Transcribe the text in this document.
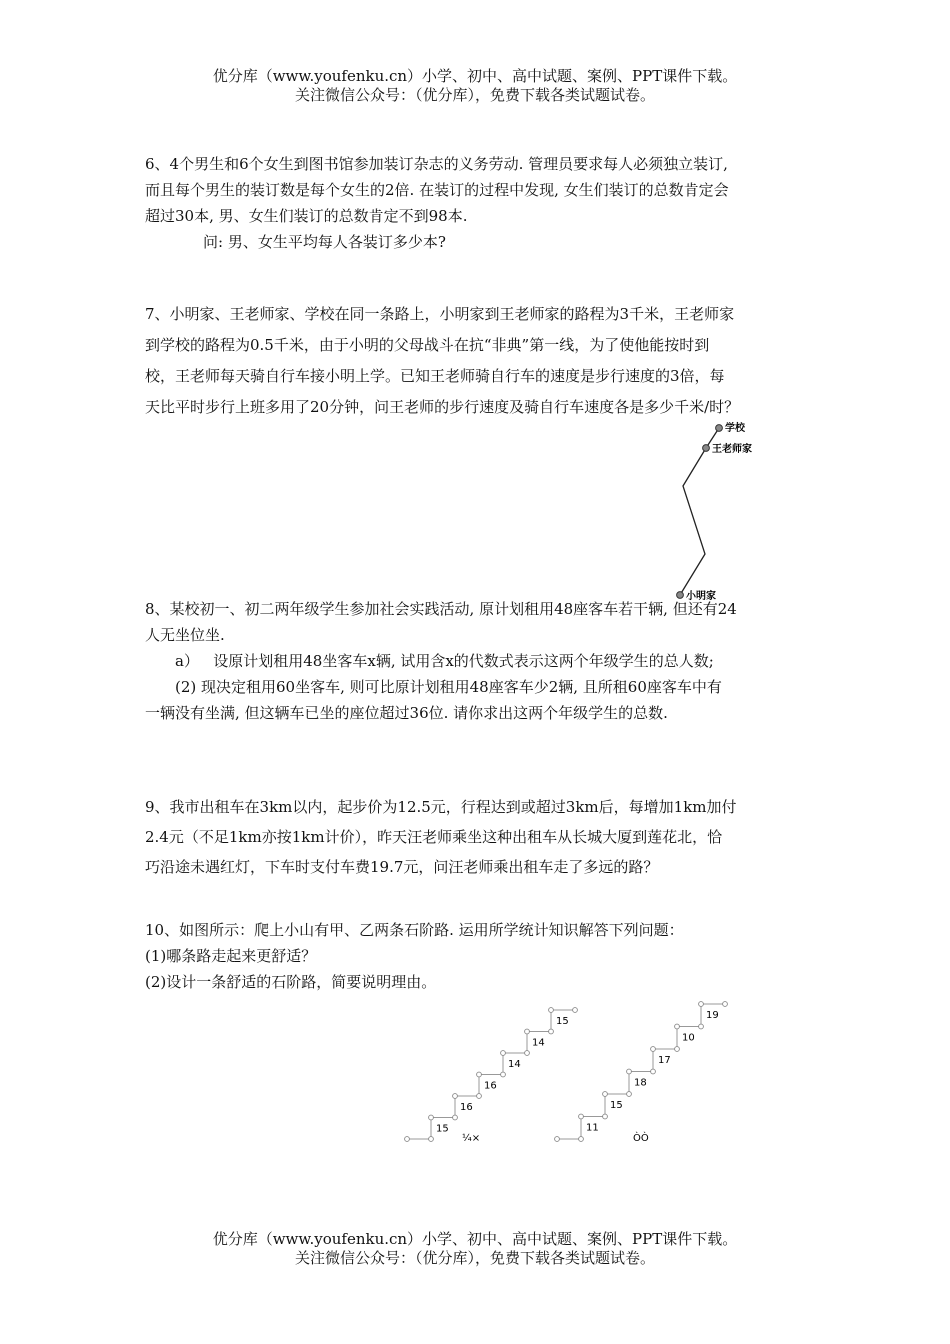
优分库（www.youfenku.cn）小学、初中、高中试题、案例、PPT课件下载。
关注微信公众号：（优分库），免费下载各类试题试卷。
6、4个男生和6个女生到图书馆参加装订杂志的义务劳动. 管理员要求每人必须独立装订,
而且每个男生的装订数是每个女生的2倍. 在装订的过程中发现, 女生们装订的总数肯定会
超过30本, 男、女生们装订的总数肯定不到98本.
问: 男、女生平均每人各装订多少本?
7、小明家、王老师家、学校在同一条路上，小明家到王老师家的路程为3千米，王老师家
到学校的路程为0.5千米，由于小明的父母战斗在抗“非典”第一线，为了使他能按时到
校，王老师每天骑自行车接小明上学。已知王老师骑自行车的速度是步行速度的3倍，每
天比平时步行上班多用了20分钟，问王老师的步行速度及骑自行车速度各是多少千米/时？
学校
王老师家
小明家
8、某校初一、初二两年级学生参加社会实践活动, 原计划租用48座客车若干辆, 但还有24
人无坐位坐.
a） 设原计划租用48坐客车x辆, 试用含x的代数式表示这两个年级学生的总人数;
(2) 现决定租用60坐客车, 则可比原计划租用48座客车少2辆, 且所租60座客车中有
一辆没有坐满, 但这辆车已坐的座位超过36位. 请你求出这两个年级学生的总数.
9、我市出租车在3km以内，起步价为12.5元，行程达到或超过3km后，每增加1km加付
2.4元（不足1km亦按1km计价），昨天汪老师乘坐这种出租车从长城大厦到莲花北，恰
巧沿途未遇红灯，下车时支付车费19.7元，问汪老师乘出租车走了多远的路？
10、如图所示：爬上小山有甲、乙两条石阶路. 运用所学统计知识解答下列问题：
(1)哪条路走起来更舒适？
(2)设计一条舒适的石阶路，简要说明理由。
15
16
16
14
14
15
11
15
18
17
10
19
¼×	ÒÒ
优分库（www.youfenku.cn）小学、初中、高中试题、案例、PPT课件下载。
关注微信公众号：（优分库），免费下载各类试题试卷。
